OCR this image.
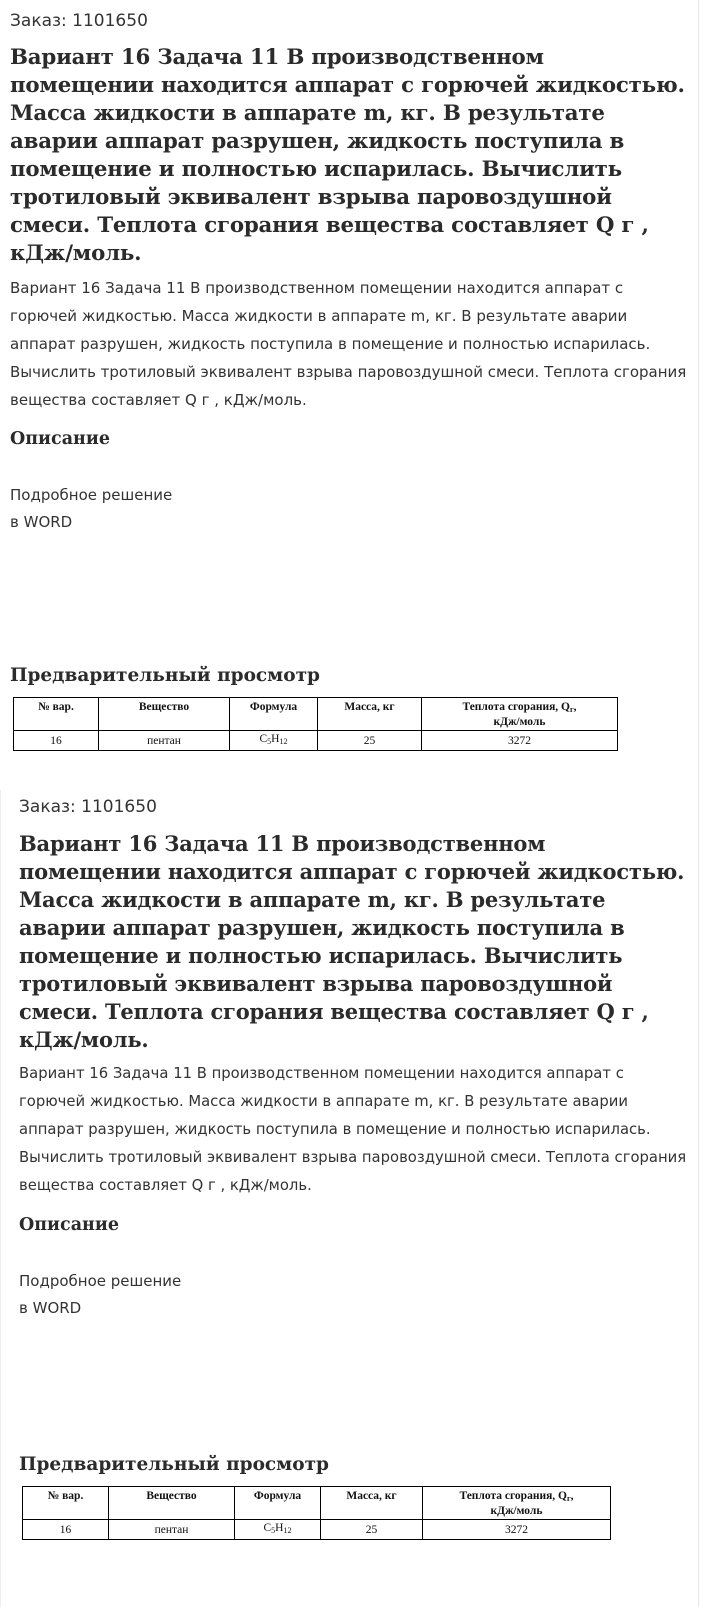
Заказ: 1101650
Вариант 16 Задача 11 В производственном помещении находится аппарат с горючей жидкостью. Масса жидкости в аппарате m, кг. В результате аварии аппарат разрушен, жидкость поступила в помещение и полностью испарилась. Вычислить тротиловый эквивалент взрыва паровоздушной смеси. Теплота сгорания вещества составляет Q г , кДж/моль.

Вариант 16 Задача 11 В производственном помещении находится аппарат с горючей жидкостью. Масса жидкости в аппарате m, кг. В результате аварии аппарат разрушен, жидкость поступила в помещение и полностью испарилась. Вычислить тротиловый эквивалент взрыва паровоздушной смеси. Теплота сгорания вещества составляет Q г , кДж/моль.

Описание
Подробное решение
в WORD
Предварительный просмотр
№ вар.	Вещество	Формула	Масса, кг	Теплота сгорания, $Q_г$,
кДж/моль
16	пентан	$C_5H_{12}$	25	3272
Заказ: 1101650
Вариант 16 Задача 11 В производственном помещении находится аппарат с горючей жидкостью. Масса жидкости в аппарате m, кг. В результате аварии аппарат разрушен, жидкость поступила в помещение и полностью испарилась. Вычислить тротиловый эквивалент взрыва паровоздушной смеси. Теплота сгорания вещества составляет Q г , кДж/моль.

Вариант 16 Задача 11 В производственном помещении находится аппарат с горючей жидкостью. Масса жидкости в аппарате m, кг. В результате аварии аппарат разрушен, жидкость поступила в помещение и полностью испарилась. Вычислить тротиловый эквивалент взрыва паровоздушной смеси. Теплота сгорания вещества составляет Q г , кДж/моль.

Описание
Подробное решение
в WORD
Предварительный просмотр
№ вар.	Вещество	Формула	Масса, кг	Теплота сгорания, $Q_г$,
кДж/моль
16	пентан	$C_5H_{12}$	25	3272
